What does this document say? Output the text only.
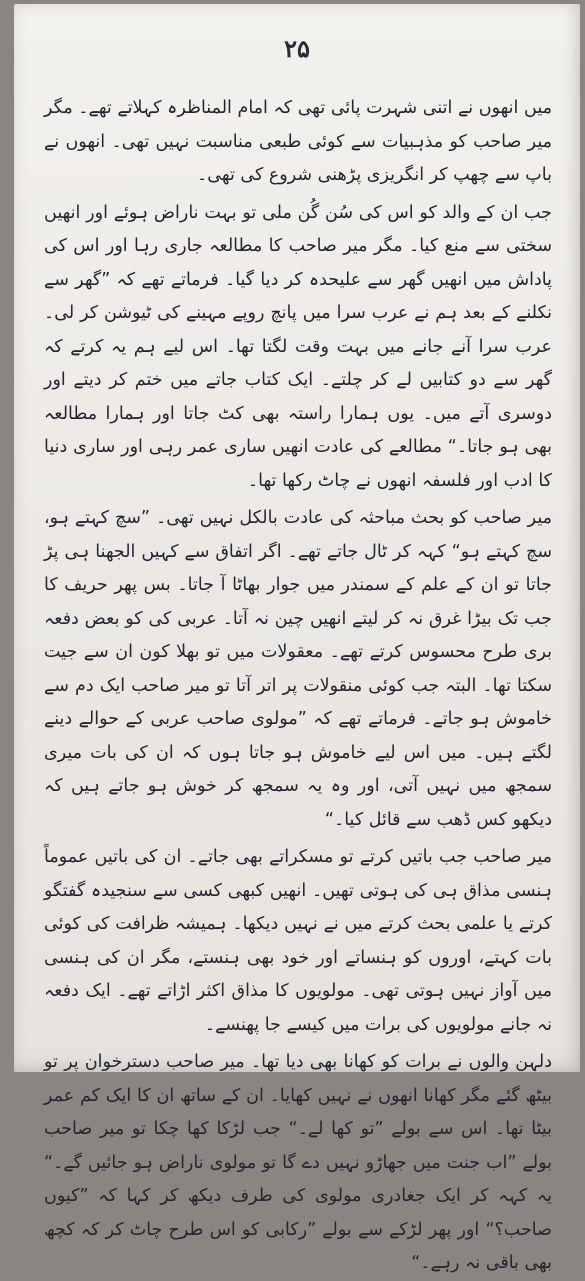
۲۵

میں انھوں نے اتنی شہرت پائی تھی کہ امام المناظرہ کہلاتے تھے۔ مگر میر صاحب کو مذہبیات سے کوئی طبعی مناسبت نہیں تھی۔ انھوں نے باپ سے چھپ کر انگریزی پڑھنی شروع کی تھی۔

جب ان کے والد کو اس کی سُن گُن ملی تو بہت ناراض ہوئے اور انھیں سختی سے منع کیا۔ مگر میر صاحب کا مطالعہ جاری رہا اور اس کی پاداش میں انھیں گھر سے علیحدہ کر دیا گیا۔ فرماتے تھے کہ ”گھر سے نکلنے کے بعد ہم نے عرب سرا میں پانچ روپے مہینے کی ٹیوشن کر لی۔ عرب سرا آنے جانے میں بہت وقت لگتا تھا۔ اس لیے ہم یہ کرتے کہ گھر سے دو کتابیں لے کر چلتے۔ ایک کتاب جاتے میں ختم کر دیتے اور دوسری آتے میں۔ یوں ہمارا راستہ بھی کٹ جاتا اور ہمارا مطالعہ بھی ہو جاتا۔“ مطالعے کی عادت انھیں ساری عمر رہی اور ساری دنیا کا ادب اور فلسفہ انھوں نے چاٹ رکھا تھا۔

میر صاحب کو بحث مباحثہ کی عادت بالکل نہیں تھی۔ ”سچ کہتے ہو، سچ کہتے ہو“ کہہ کر ٹال جاتے تھے۔ اگر اتفاق سے کہیں الجھنا ہی پڑ جاتا تو ان کے علم کے سمندر میں جوار بھاٹا آ جاتا۔ بس پھر حریف کا جب تک بیڑا غرق نہ کر لیتے انھیں چین نہ آتا۔ عربی کی کو بعض دفعہ بری طرح محسوس کرتے تھے۔ معقولات میں تو بھلا کون ان سے جیت سکتا تھا۔ البتہ جب کوئی منقولات پر اتر آتا تو میر صاحب ایک دم سے خاموش ہو جاتے۔ فرماتے تھے کہ ”مولوی صاحب عربی کے حوالے دینے لگتے ہیں۔ میں اس لیے خاموش ہو جاتا ہوں کہ ان کی بات میری سمجھ میں نہیں آتی، اور وہ یہ سمجھ کر خوش ہو جاتے ہیں کہ دیکھو کس ڈھب سے قائل کیا۔“

میر صاحب جب باتیں کرتے تو مسکراتے بھی جاتے۔ ان کی باتیں عموماً ہنسی مذاق ہی کی ہوتی تھیں۔ انھیں کبھی کسی سے سنجیدہ گفتگو کرتے یا علمی بحث کرتے میں نے نہیں دیکھا۔ ہمیشہ ظرافت کی کوئی بات کہتے، اوروں کو ہنساتے اور خود بھی ہنستے، مگر ان کی ہنسی میں آواز نہیں ہوتی تھی۔ مولویوں کا مذاق اکثر اڑاتے تھے۔ ایک دفعہ نہ جانے مولویوں کی برات میں کیسے جا پھنسے۔

دلہن والوں نے برات کو کھانا بھی دیا تھا۔ میر صاحب دسترخوان پر تو بیٹھ گئے مگر کھانا انھوں نے نہیں کھایا۔ ان کے ساتھ ان کا ایک کم عمر بیٹا تھا۔ اس سے بولے ”تو کھا لے۔“ جب لڑکا کھا چکا تو میر صاحب بولے ”اب جنت میں جھاڑو نہیں دے گا تو مولوی ناراض ہو جائیں گے۔“ یہ کہہ کر ایک جغادری مولوی کی طرف دیکھ کر کہا کہ ”کیوں صاحب؟“ اور پھر لڑکے سے بولے ”رکابی کو اس طرح چاٹ کر کہ کچھ بھی باقی نہ رہے۔“
